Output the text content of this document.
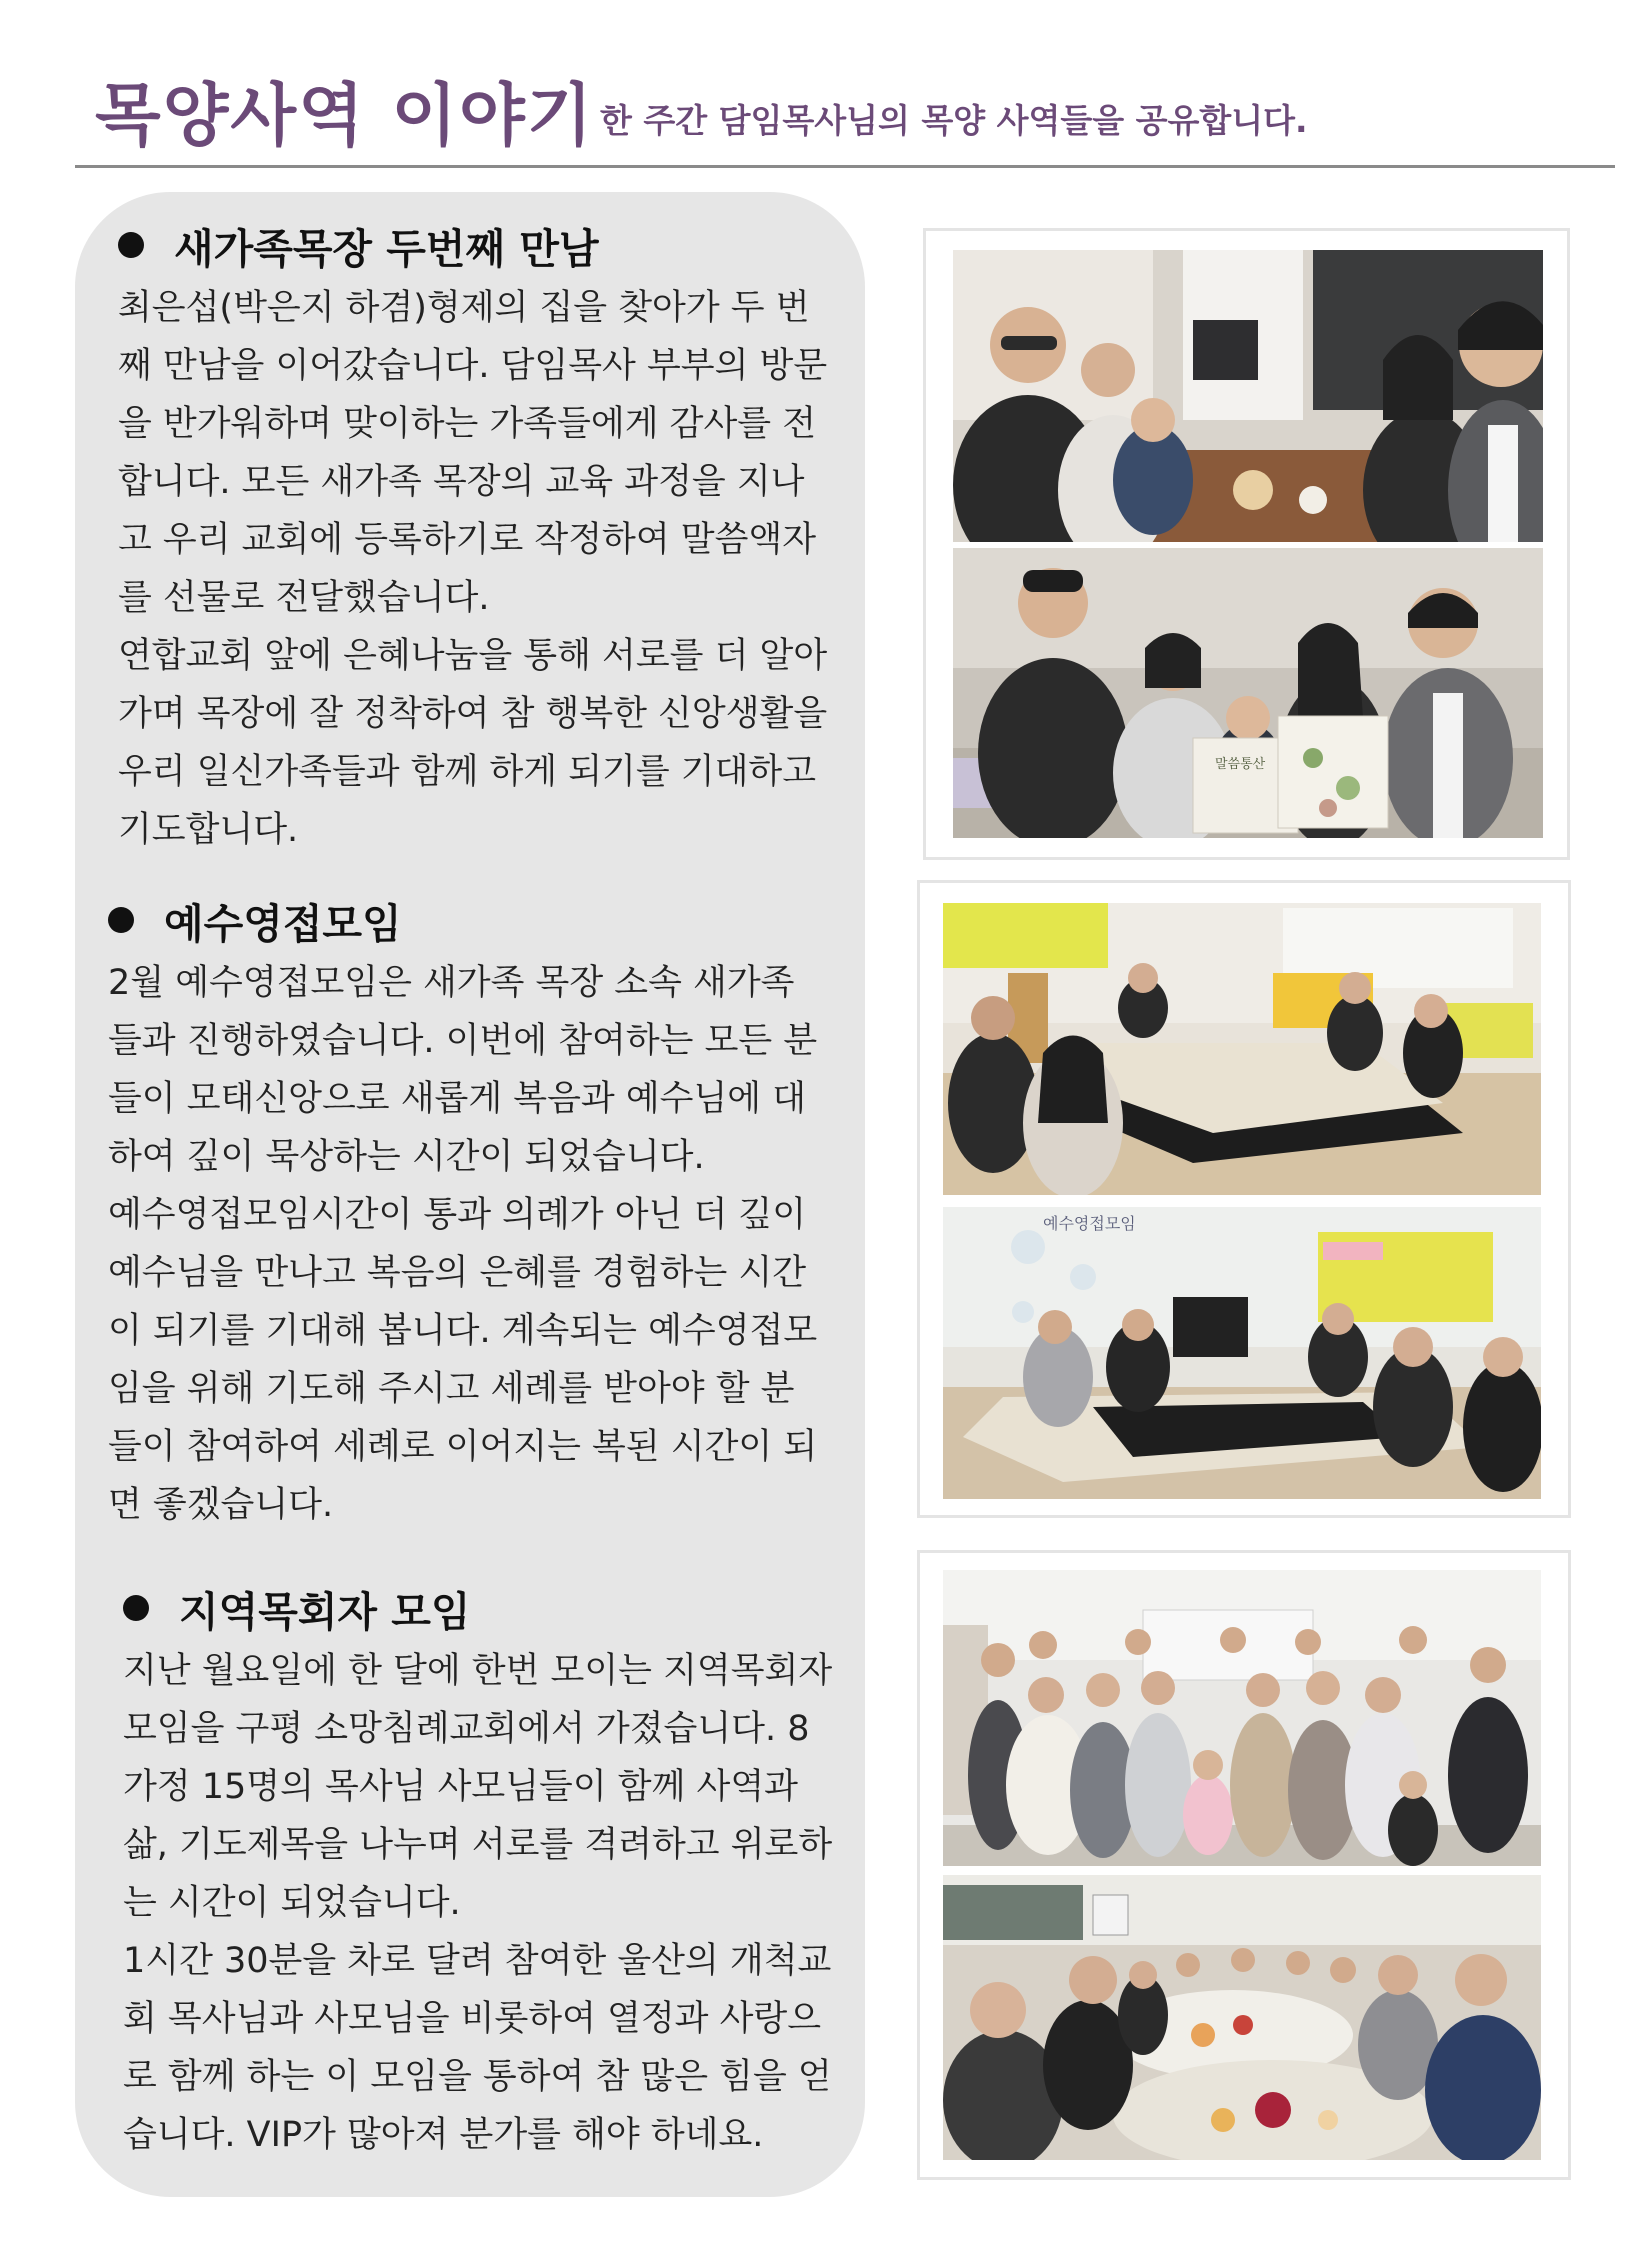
목양사역 이야기 한 주간 담임목사님의 목양 사역들을 공유합니다.
새가족목장 두번째 만남

최은섭(박은지 하겸)형제의 집을 찾아가 두 번

째 만남을 이어갔습니다. 담임목사 부부의 방문

을 반가워하며 맞이하는 가족들에게 감사를 전

합니다. 모든 새가족 목장의 교육 과정을 지나

고 우리 교회에 등록하기로 작정하여 말씀액자

를 선물로 전달했습니다.

연합교회 앞에 은혜나눔을 통해 서로를 더 알아

가며 목장에 잘 정착하여 참 행복한 신앙생활을

우리 일신가족들과 함께 하게 되기를 기대하고

기도합니다.

예수영접모임

2월 예수영접모임은 새가족 목장 소속 새가족

들과 진행하였습니다. 이번에 참여하는 모든 분

들이 모태신앙으로 새롭게 복음과 예수님에 대

하여 깊이 묵상하는 시간이 되었습니다.

예수영접모임시간이 통과 의례가 아닌 더 깊이

예수님을 만나고 복음의 은혜를 경험하는 시간

이 되기를 기대해 봅니다. 계속되는 예수영접모

임을 위해 기도해 주시고 세례를 받아야 할 분

들이 참여하여 세례로 이어지는 복된 시간이 되

면 좋겠습니다.

지역목회자 모임

지난 월요일에 한 달에 한번 모이는 지역목회자

모임을 구평 소망침례교회에서 가졌습니다. 8

가정 15명의 목사님 사모님들이 함께 사역과

삶, 기도제목을 나누며 서로를 격려하고 위로하

는 시간이 되었습니다.

1시간 30분을 차로 달려 참여한 울산의 개척교

회 목사님과 사모님을 비롯하여 열정과 사랑으

로 함께 하는 이 모임을 통하여 참 많은 힘을 얻

습니다. VIP가 많아져 분가를 해야 하네요.

말씀통산
예수영접모임
